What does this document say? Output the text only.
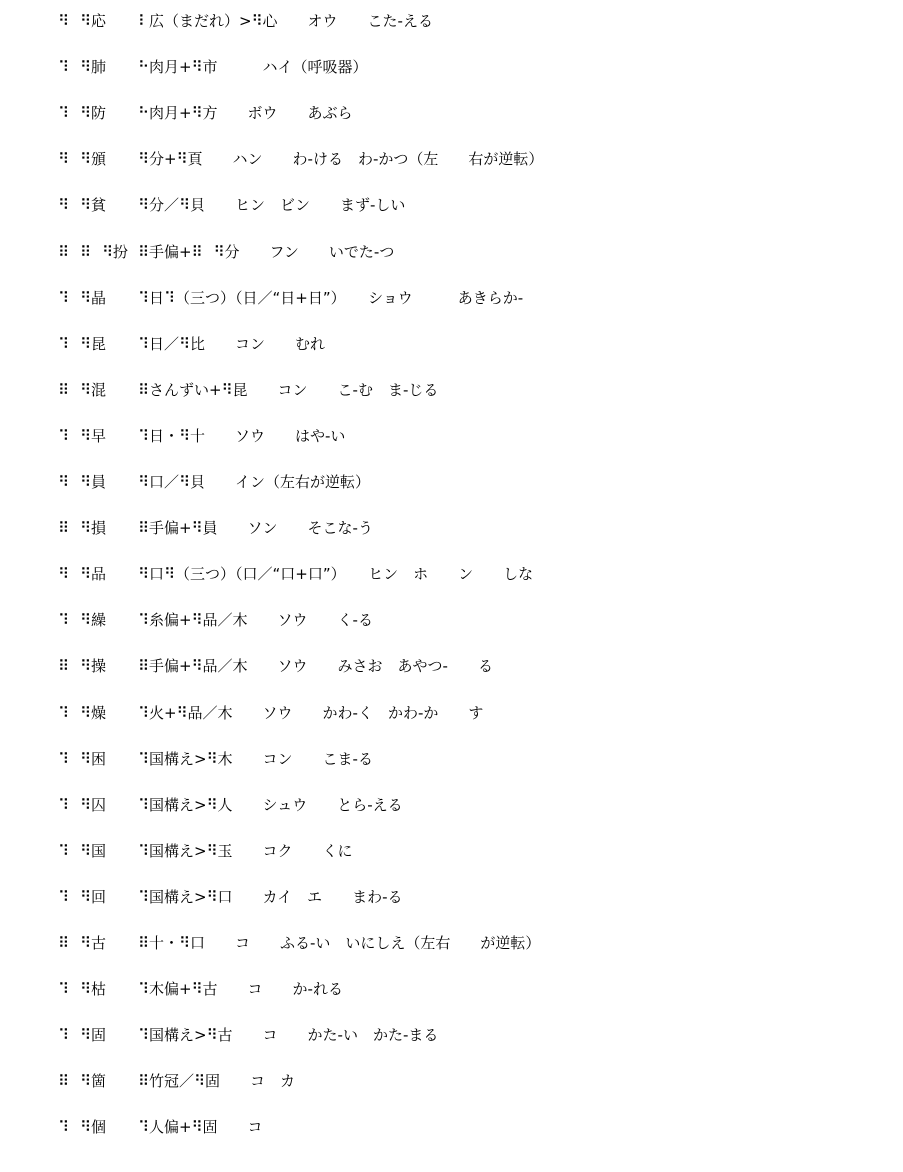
⠻⠀⠻応 ⠇広（まだれ）>⠻心　　オウ　　こた-える
⠹⠀⠻肺 ⠓肉月+⠻市　　　ハイ（呼吸器）
⠹⠀⠻防 ⠓肉月+⠻方　　ボウ　　あぶら
⠻⠀⠻頒 ⠻分+⠻頁　　ハン　　わ-ける　わ-かつ（左　　右が逆転）
⠻⠀⠻貧 ⠻分／⠻貝　　ヒン　ビン　　まず-しい
⠿⠀⠿⠀⠻扮 ⠿手偏+⠿⠀⠻分　　フン　　いでた-つ
⠹⠀⠻晶 ⠹日⠹（三つ）（日／“日+日”）　　ショウ　　　あきらか-
⠹⠀⠻昆 ⠹日／⠻比　　コン　　むれ
⠿⠀⠻混 ⠿さんずい+⠻昆　　コン　　こ-む　ま-じる
⠹⠀⠻早 ⠹日・⠻十　　ソウ　　はや-い
⠻⠀⠻員 ⠻口／⠻貝　　イン（左右が逆転）
⠿⠀⠻損 ⠿手偏+⠻員　　ソン　　そこな-う
⠻⠀⠻品 ⠻口⠻（三つ）（口／“口+口”）　　ヒン　ホ　　ン　　しな
⠹⠀⠻繰 ⠹糸偏+⠻品／木　　ソウ　　く-る
⠿⠀⠻操 ⠿手偏+⠻品／木　　ソウ　　みさお　あやつ-　　る
⠹⠀⠻燥 ⠹火+⠻品／木　　ソウ　　かわ-く　かわ-か　　す
⠹⠀⠻困 ⠹国構え>⠻木　　コン　　こま-る
⠹⠀⠻囚 ⠹国構え>⠻人　　シュウ　　とら-える
⠹⠀⠻国 ⠹国構え>⠻玉　　コク　　くに
⠹⠀⠻回 ⠹国構え>⠻口　　カイ　エ　　まわ-る
⠿⠀⠻古 ⠿十・⠻口　　コ　　ふる-い　いにしえ（左右　　が逆転）
⠹⠀⠻枯 ⠹木偏+⠻古　　コ　　か-れる
⠹⠀⠻固 ⠹国構え>⠻古　　コ　　かた-い　かた-まる
⠿⠀⠻箇 ⠿竹冠／⠻固　　コ　カ
⠹⠀⠻個 ⠹人偏+⠻固　　コ
